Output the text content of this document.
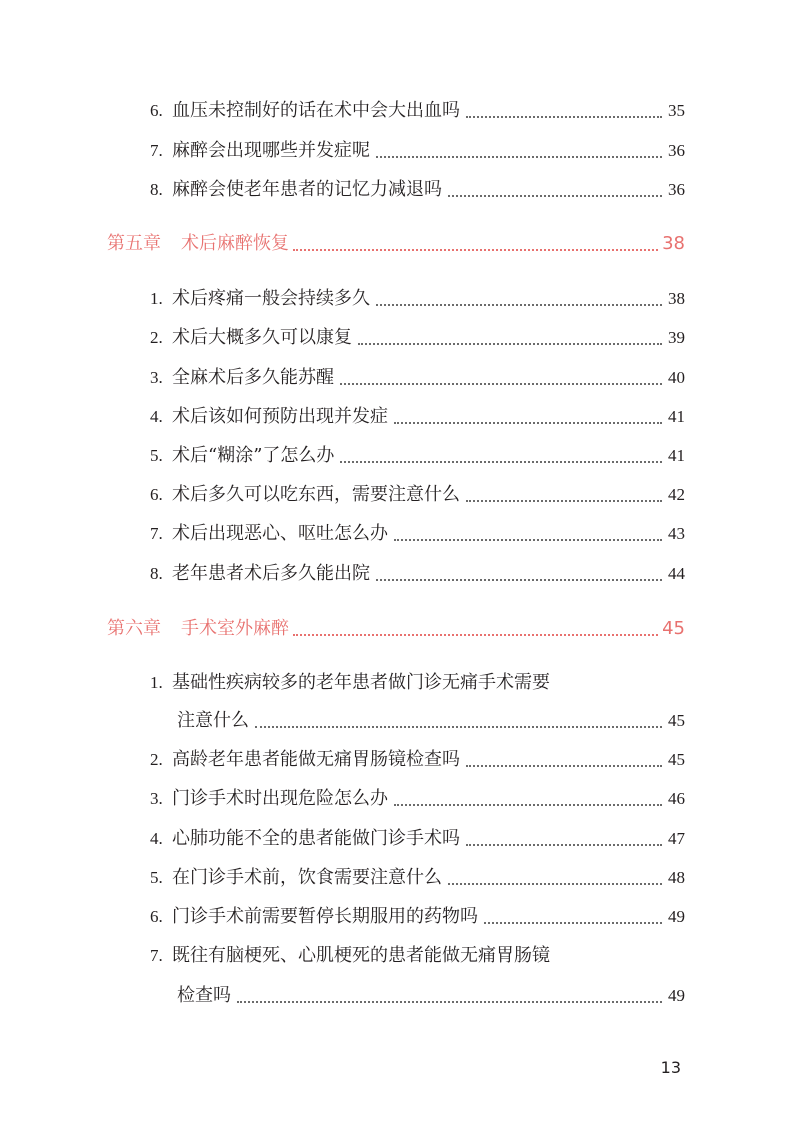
6. 血压未控制好的话在术中会大出血吗	35
7. 麻醉会出现哪些并发症呢	36
8. 麻醉会使老年患者的记忆力减退吗	36
第五章 术后麻醉恢复	38
1. 术后疼痛一般会持续多久	38
2. 术后大概多久可以康复	39
3. 全麻术后多久能苏醒	40
4. 术后该如何预防出现并发症	41
5. 术后“糊涂”了怎么办	41
6. 术后多久可以吃东西，需要注意什么	42
7. 术后出现恶心、呕吐怎么办	43
8. 老年患者术后多久能出院	44
第六章 手术室外麻醉	45
1. 基础性疾病较多的老年患者做门诊无痛手术需要
注意什么	45
2. 高龄老年患者能做无痛胃肠镜检查吗	45
3. 门诊手术时出现危险怎么办	46
4. 心肺功能不全的患者能做门诊手术吗	47
5. 在门诊手术前，饮食需要注意什么	48
6. 门诊手术前需要暂停长期服用的药物吗	49
7. 既往有脑梗死、心肌梗死的患者能做无痛胃肠镜
检查吗	49
13
